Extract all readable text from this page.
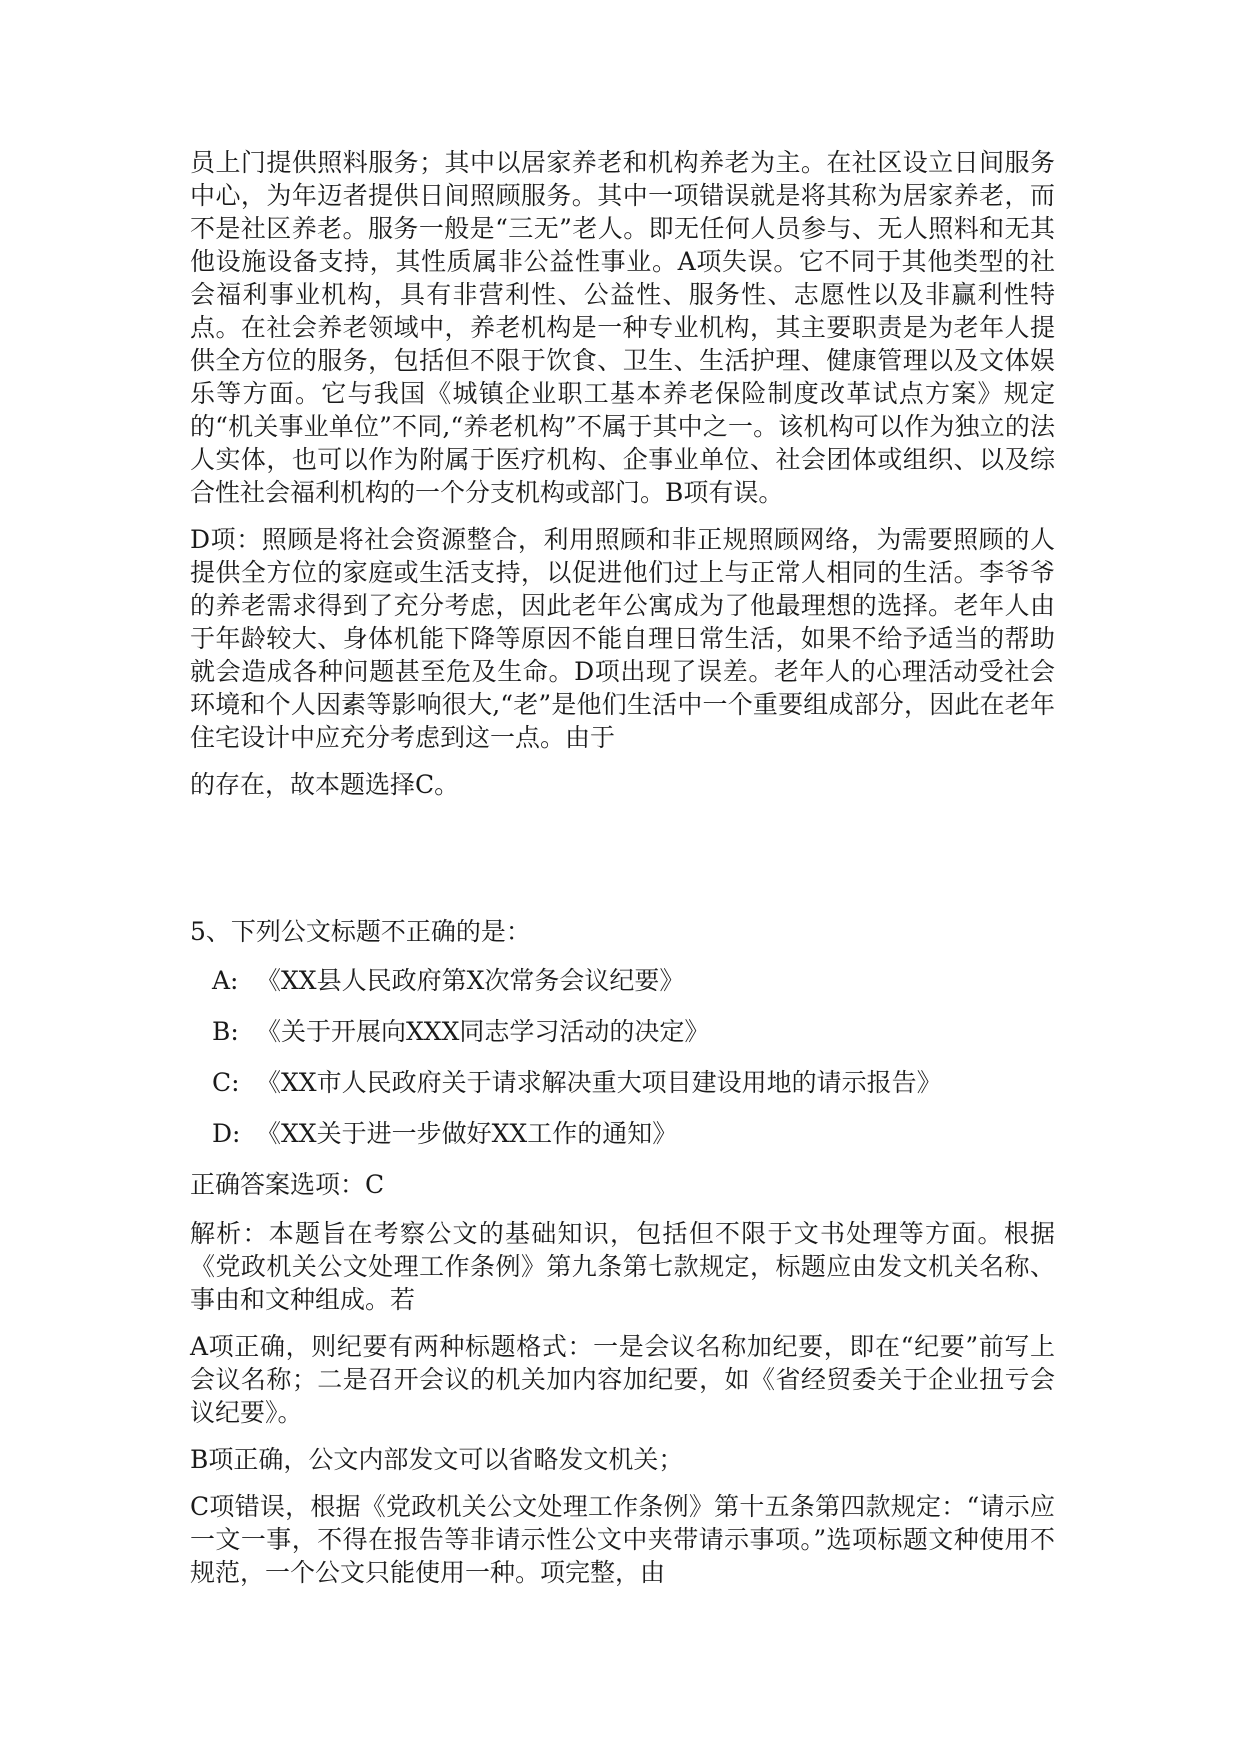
员上门提供照料服务；其中以居家养老和机构养老为主。在社区设立日间服务中心，为年迈者提供日间照顾服务。其中一项错误就是将其称为居家养老，而不是社区养老。服务一般是“三无”老人。即无任何人员参与、无人照料和无其他设施设备支持，其性质属非公益性事业。A项失误。它不同于其他类型的社会福利事业机构，具有非营利性、公益性、服务性、志愿性以及非赢利性特点。在社会养老领域中，养老机构是一种专业机构，其主要职责是为老年人提供全方位的服务，包括但不限于饮食、卫生、生活护理、健康管理以及文体娱乐等方面。它与我国《城镇企业职工基本养老保险制度改革试点方案》规定的“机关事业单位”不同,“养老机构”不属于其中之一。该机构可以作为独立的法人实体，也可以作为附属于医疗机构、企事业单位、社会团体或组织、以及综合性社会福利机构的一个分支机构或部门。B项有误。

D项：照顾是将社会资源整合，利用照顾和非正规照顾网络，为需要照顾的人提供全方位的家庭或生活支持，以促进他们过上与正常人相同的生活。李爷爷的养老需求得到了充分考虑，因此老年公寓成为了他最理想的选择。老年人由于年龄较大、身体机能下降等原因不能自理日常生活，如果不给予适当的帮助就会造成各种问题甚至危及生命。D项出现了误差。老年人的心理活动受社会环境和个人因素等影响很大,“老”是他们生活中一个重要组成部分，因此在老年住宅设计中应充分考虑到这一点。由于

的存在，故本题选择C。

5、下列公文标题不正确的是：

A: 《XX县人民政府第X次常务会议纪要》
B: 《关于开展向XXX同志学习活动的决定》
C: 《XX市人民政府关于请求解决重大项目建设用地的请示报告》
D: 《XX关于进一步做好XX工作的通知》

正确答案选项：C

解析：本题旨在考察公文的基础知识，包括但不限于文书处理等方面。根据《党政机关公文处理工作条例》第九条第七款规定，标题应由发文机关名称、事由和文种组成。若

A项正确，则纪要有两种标题格式：一是会议名称加纪要，即在“纪要”前写上会议名称；二是召开会议的机关加内容加纪要，如《省经贸委关于企业扭亏会议纪要》。

B项正确，公文内部发文可以省略发文机关；

C项错误，根据《党政机关公文处理工作条例》第十五条第四款规定：“请示应一文一事，不得在报告等非请示性公文中夹带请示事项。”选项标题文种使用不规范，一个公文只能使用一种。项完整，由
